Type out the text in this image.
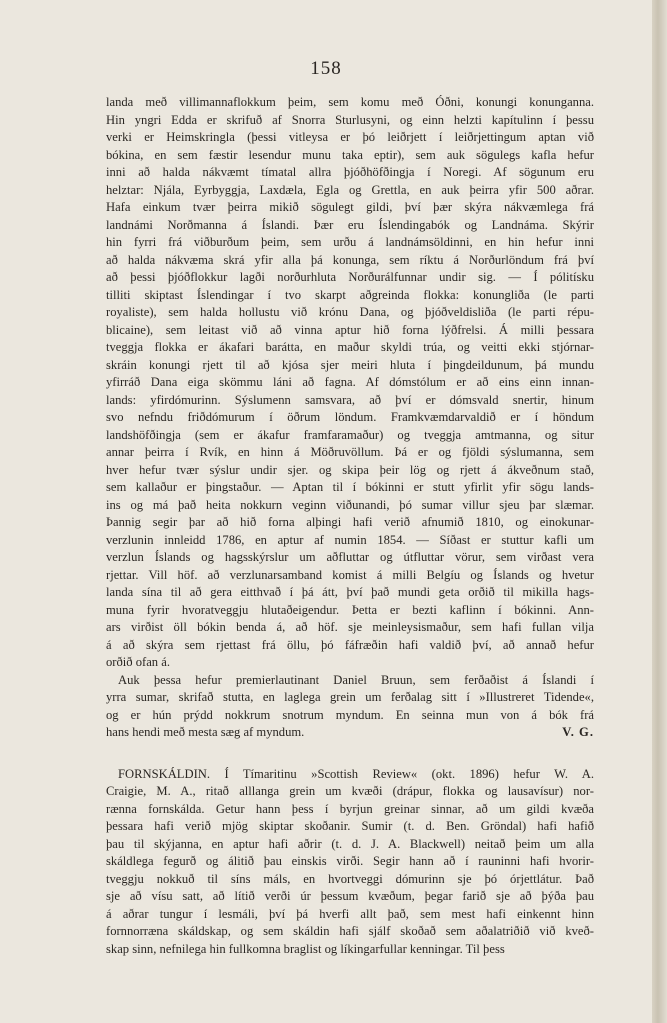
158
landa með villimannaflokkum þeim, sem komu með Óðni, konungi konunganna.
Hin yngri Edda er skrifuð af Snorra Sturlusyni, og einn helzti kapítulinn í þessu
verki er Heimskringla (þessi vitleysa er þó leiðrjett í leiðrjettingum aptan við
bókina, en sem fæstir lesendur munu taka eptir), sem auk sögulegs kafla hefur
inni að halda nákvæmt tímatal allra þjóðhöfðingja í Noregi. Af sögunum eru
helztar: Njála, Eyrbyggja, Laxdæla, Egla og Grettla, en auk þeirra yfir 500 aðrar.
Hafa einkum tvær þeirra mikið sögulegt gildi, því þær skýra nákvæmlega frá
landnámi Norðmanna á Íslandi. Þær eru Íslendingabók og Landnáma. Skýrir
hin fyrri frá viðburðum þeim, sem urðu á landnámsöldinni, en hin hefur inni
að halda nákvæma skrá yfir alla þá konunga, sem ríktu á Norðurlöndum frá því
að þessi þjóðflokkur lagði norðurhluta Norðurálfunnar undir sig. — Í pólitísku
tilliti skiptast Íslendingar í tvo skarpt aðgreinda flokka: konungliða (le parti
royaliste), sem halda hollustu við krónu Dana, og þjóðveldisliða (le parti répu-
blicaine), sem leitast við að vinna aptur hið forna lýðfrelsi. Á milli þessara
tveggja flokka er ákafari barátta, en maður skyldi trúa, og veitti ekki stjórnar-
skráin konungi rjett til að kjósa sjer meiri hluta í þingdeildunum, þá mundu
yfirráð Dana eiga skömmu láni að fagna. Af dómstólum er að eins einn innan-
lands: yfirdómurinn. Sýslumenn samsvara, að því er dómsvald snertir, hinum
svo nefndu friðdómurum í öðrum löndum. Framkvæmdarvaldið er í höndum
landshöfðingja (sem er ákafur framfaramaður) og tveggja amtmanna, og situr
annar þeirra í Rvík, en hinn á Möðruvöllum. Þá er og fjöldi sýslumanna, sem
hver hefur tvær sýslur undir sjer. og skipa þeir lög og rjett á ákveðnum stað,
sem kallaður er þingstaður. — Aptan til í bókinni er stutt yfirlit yfir sögu lands-
ins og má það heita nokkurn veginn viðunandi, þó sumar villur sjeu þar slæmar.
Þannig segir þar að hið forna alþingi hafi verið afnumið 1810, og einokunar-
verzlunin innleidd 1786, en aptur af numin 1854. — Síðast er stuttur kafli um
verzlun Íslands og hagsskýrslur um aðfluttar og útfluttar vörur, sem virðast vera
rjettar. Vill höf. að verzlunarsamband komist á milli Belgíu og Íslands og hvetur
landa sína til að gera eitthvað í þá átt, því það mundi geta orðið til mikilla hags-
muna fyrir hvoratveggju hlutaðeigendur. Þetta er bezti kaflinn í bókinni. Ann-
ars virðist öll bókin benda á, að höf. sje meinleysismaður, sem hafi fullan vilja
á að skýra sem rjettast frá öllu, þó fáfræðin hafi valdið því, að annað hefur
orðið ofan á.
Auk þessa hefur premierlautinant Daniel Bruun, sem ferðaðist á Íslandi í
yrra sumar, skrifað stutta, en laglega grein um ferðalag sitt í »Illustreret Tidende«,
og er hún prýdd nokkrum snotrum myndum. En seinna mun von á bók frá
hans hendi með mesta sæg af myndum.	V. G.
FORNSKÁLDIN. Í Tímaritinu »Scottish Review« (okt. 1896) hefur W. A.
Craigie, M. A., ritað alllanga grein um kvæði (drápur, flokka og lausavísur) nor-
rænna fornskálda. Getur hann þess í byrjun greinar sinnar, að um gildi kvæða
þessara hafi verið mjög skiptar skoðanir. Sumir (t. d. Ben. Gröndal) hafi hafið
þau til skýjanna, en aptur hafi aðrir (t. d. J. A. Blackwell) neitað þeim um alla
skáldlega fegurð og álitið þau einskis virði. Segir hann að í rauninni hafi hvorir-
tveggju nokkuð til síns máls, en hvortveggi dómurinn sje þó órjettlátur. Það
sje að vísu satt, að lítið verði úr þessum kvæðum, þegar farið sje að þýða þau
á aðrar tungur í lesmáli, því þá hverfi allt það, sem mest hafi einkennt hinn
fornnorræna skáldskap, og sem skáldin hafi sjálf skoðað sem aðalatriðið við kveð-
skap sinn, nefnilega hin fullkomna braglist og líkingarfullar kenningar. Til þess
